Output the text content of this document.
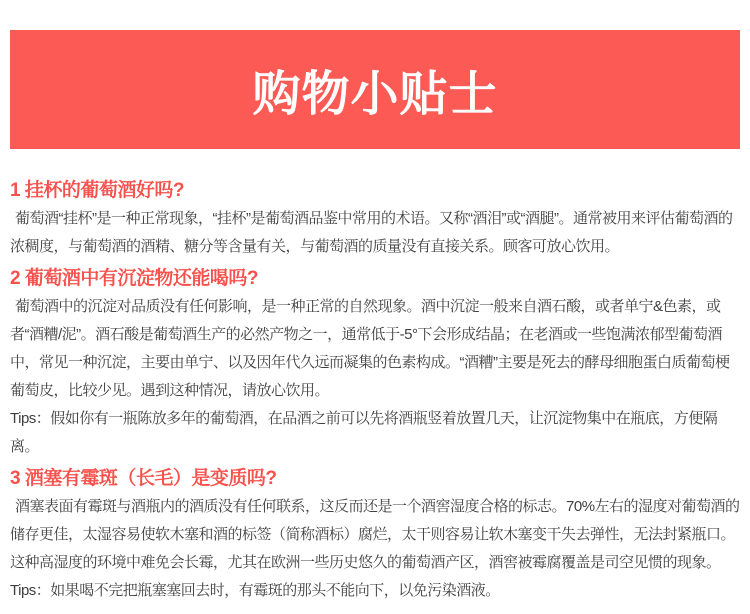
购物小贴士
1 挂杯的葡萄酒好吗?

葡萄酒“挂杯”是一种正常现象，“挂杯”是葡萄酒品鉴中常用的术语。又称“酒泪”或“酒腿”。通常被用来评估葡萄酒的浓稠度，与葡萄酒的酒精、糖分等含量有关，与葡萄酒的质量没有直接关系。顾客可放心饮用。

2 葡萄酒中有沉淀物还能喝吗?

葡萄酒中的沉淀对品质没有任何影响，是一种正常的自然现象。酒中沉淀一般来自酒石酸，或者单宁&色素，或者“酒糟/泥”。酒石酸是葡萄酒生产的必然产物之一，通常低于-5°下会形成结晶；在老酒或一些饱满浓郁型葡萄酒中，常见一种沉淀，主要由单宁、以及因年代久远而凝集的色素构成。“酒糟”主要是死去的酵母细胞蛋白质葡萄梗葡萄皮，比较少见。遇到这种情况，请放心饮用。

Tips：假如你有一瓶陈放多年的葡萄酒，在品酒之前可以先将酒瓶竖着放置几天，让沉淀物集中在瓶底，方便隔离。

3 酒塞有霉斑（长毛）是变质吗?

酒塞表面有霉斑与酒瓶内的酒质没有任何联系，这反而还是一个酒窖湿度合格的标志。70%左右的湿度对葡萄酒的储存更佳，太湿容易使软木塞和酒的标签（简称酒标）腐烂，太干则容易让软木塞变干失去弹性，无法封紧瓶口。这种高湿度的环境中难免会长霉，尤其在欧洲一些历史悠久的葡萄酒产区，酒窖被霉腐覆盖是司空见惯的现象。

Tips：如果喝不完把瓶塞塞回去时，有霉斑的那头不能向下，以免污染酒液。
